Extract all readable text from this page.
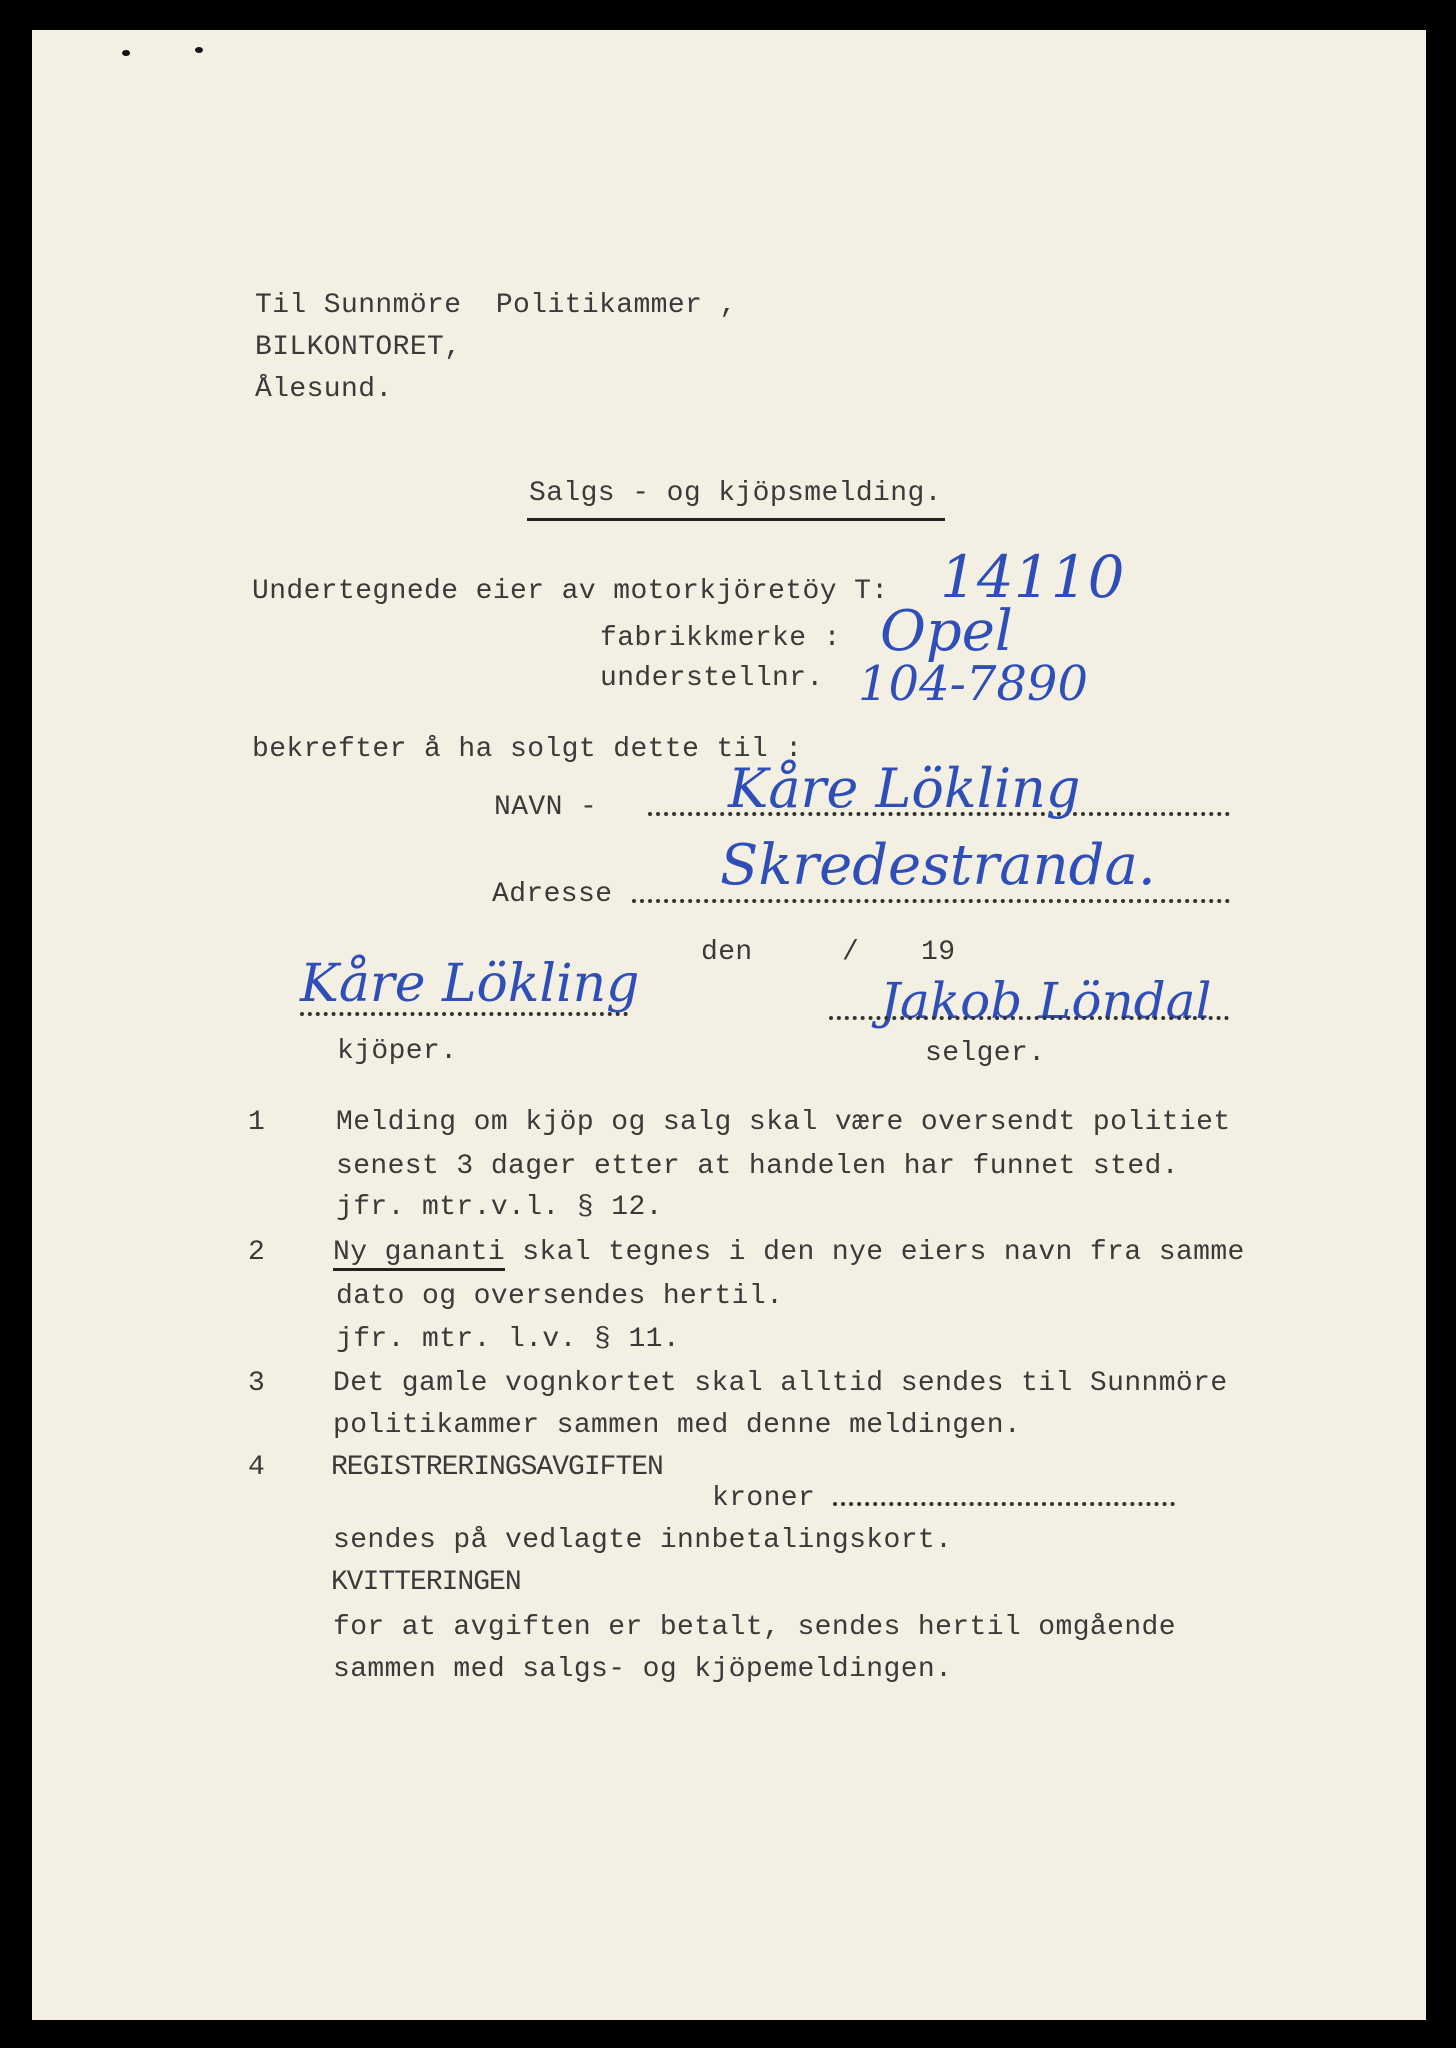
Til Sunnmöre  Politikammer ,
BILKONTORET,
Ålesund.
Salgs - og kjöpsmelding.
Undertegnede eier av motorkjöretöy T: 14110
fabrikkmerke : Opel
understellnr. 104-7890
bekrefter å ha solgt dette til :
NAVN - Kåre Lökling
Adresse Skredestranda.
den	/ 19
Kåre Lökling	Jakob Löndal
kjöper.	selger.
1	Melding om kjöp og salg skal være oversendt politiet
senest 3 dager etter at handelen har funnet sted.
jfr. mtr.v.l. § 12.
2 Ny gananti skal tegnes i den nye eiers navn fra samme
dato og oversendes hertil.
jfr. mtr. l.v. § 11.
3 Det gamle vognkortet skal alltid sendes til Sunnmöre
politikammer sammen med denne meldingen.
4 REGISTRERINGSAVGIFTEN
kroner
sendes på vedlagte innbetalingskort.
KVITTERINGEN
for at avgiften er betalt, sendes hertil omgående
sammen med salgs- og kjöpemeldingen.
